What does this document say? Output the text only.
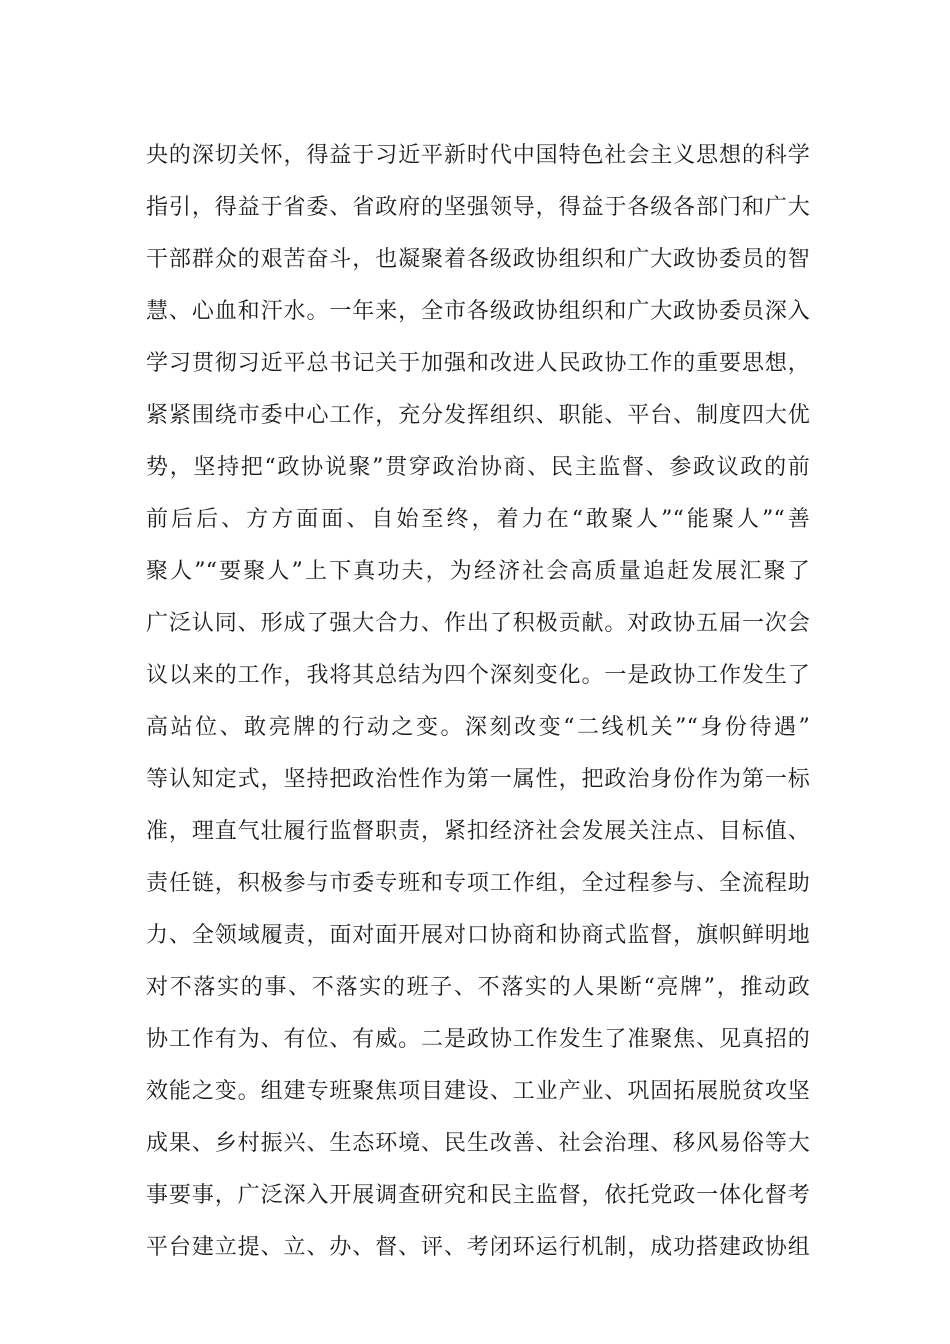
央的深切关怀，得益于习近平新时代中国特色社会主义思想的科学
指引，得益于省委、省政府的坚强领导，得益于各级各部门和广大
干部群众的艰苦奋斗，也凝聚着各级政协组织和广大政协委员的智
慧、心血和汗水。一年来，全市各级政协组织和广大政协委员深入
学习贯彻习近平总书记关于加强和改进人民政协工作的重要思想，
紧紧围绕市委中心工作，充分发挥组织、职能、平台、制度四大优
势，坚持把“政协说聚”贯穿政治协商、民主监督、参政议政的前
前后后、方方面面、自始至终，着力在“敢聚人”“能聚人”“善
聚人”“要聚人”上下真功夫，为经济社会高质量追赶发展汇聚了
广泛认同、形成了强大合力、作出了积极贡献。对政协五届一次会
议以来的工作，我将其总结为四个深刻变化。一是政协工作发生了
高站位、敢亮牌的行动之变。深刻改变“二线机关”“身份待遇”
等认知定式，坚持把政治性作为第一属性，把政治身份作为第一标
准，理直气壮履行监督职责，紧扣经济社会发展关注点、目标值、
责任链，积极参与市委专班和专项工作组，全过程参与、全流程助
力、全领域履责，面对面开展对口协商和协商式监督，旗帜鲜明地
对不落实的事、不落实的班子、不落实的人果断“亮牌”，推动政
协工作有为、有位、有威。二是政协工作发生了准聚焦、见真招的
效能之变。组建专班聚焦项目建设、工业产业、巩固拓展脱贫攻坚
成果、乡村振兴、生态环境、民生改善、社会治理、移风易俗等大
事要事，广泛深入开展调查研究和民主监督，依托党政一体化督考
平台建立提、立、办、督、评、考闭环运行机制，成功搭建政协组
